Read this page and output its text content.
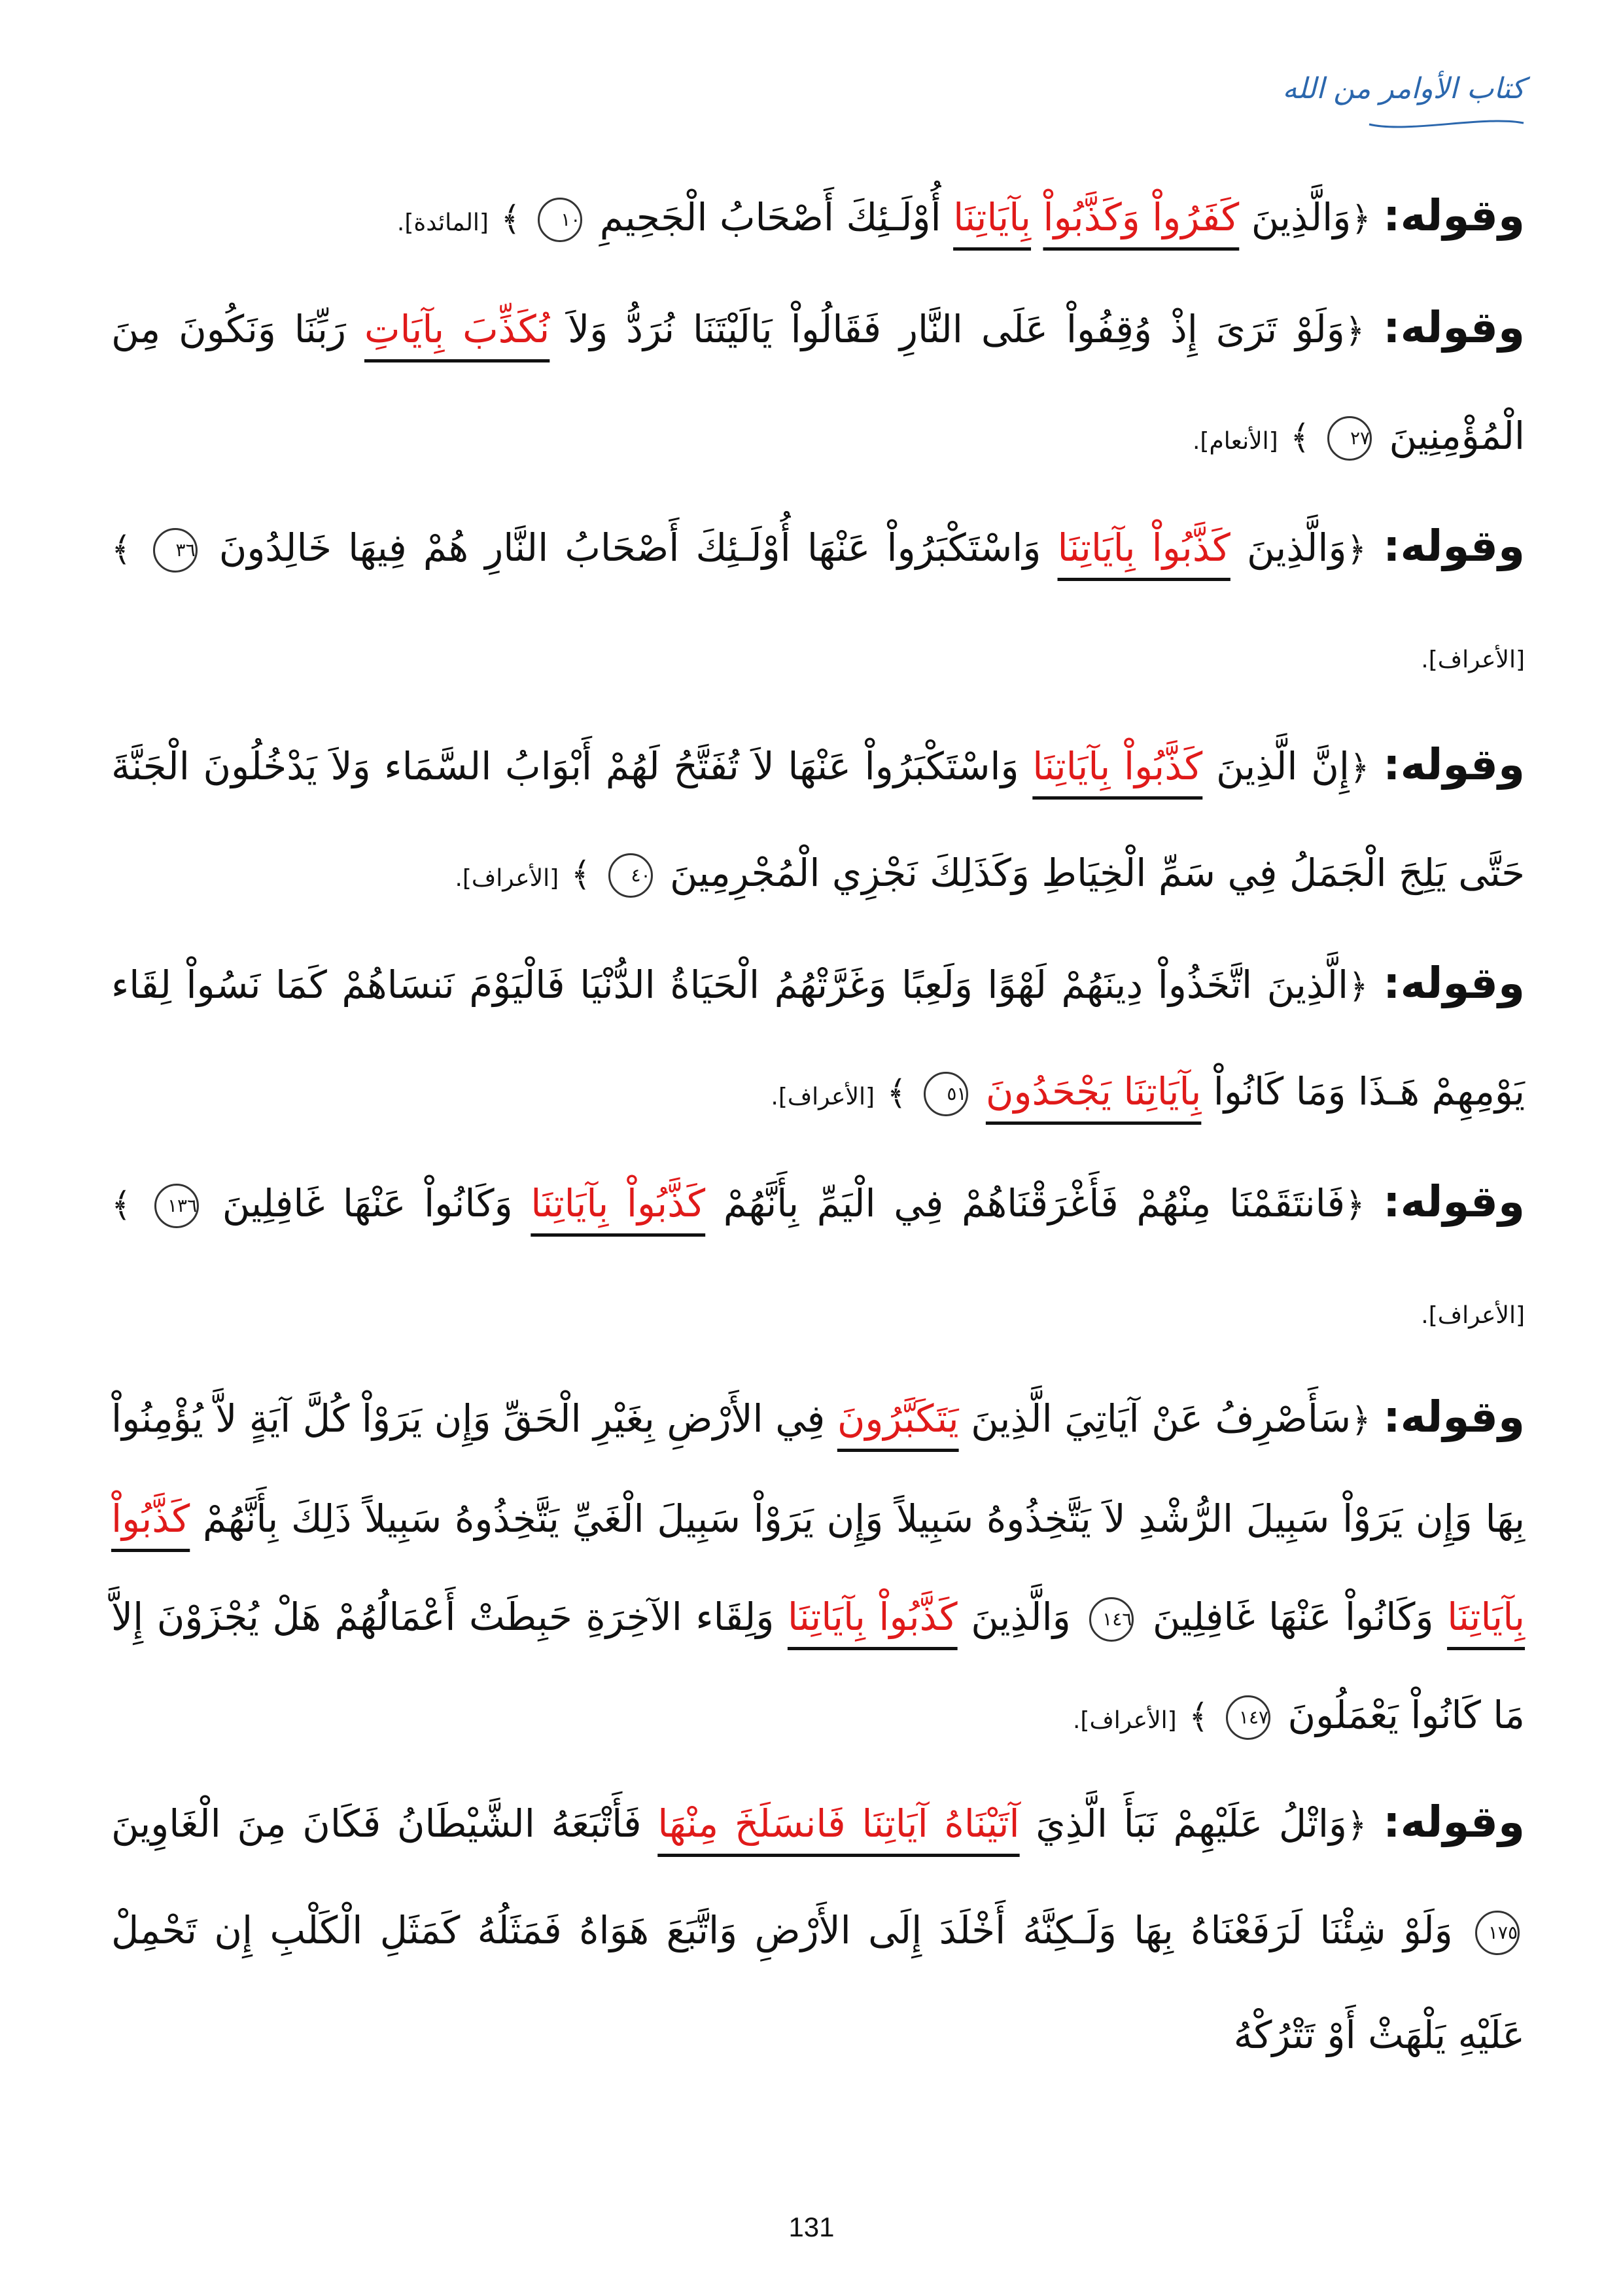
كتاب الأوامر من الله

وقوله: ﴿وَالَّذِينَ كَفَرُواْ وَكَذَّبُواْ بِآيَاتِنَا أُوْلَـئِكَ أَصْحَابُ الْجَحِيمِ ١٠ ﴾ [المائدة].

وقوله: ﴿وَلَوْ تَرَىَ إِذْ وُقِفُواْ عَلَى النَّارِ فَقَالُواْ يَالَيْتَنَا نُرَدُّ وَلاَ نُكَذِّبَ بِآيَاتِ رَبِّنَا وَنَكُونَ مِنَ الْمُؤْمِنِينَ ٢٧ ﴾ [الأنعام].

وقوله: ﴿وَالَّذِينَ كَذَّبُواْ بِآيَاتِنَا وَاسْتَكْبَرُواْ عَنْهَا أُوْلَـئِكَ أَصْحَابُ النَّارِ هُمْ فِيهَا خَالِدُونَ ٣٦ ﴾ [الأعراف].

وقوله: ﴿إِنَّ الَّذِينَ كَذَّبُواْ بِآيَاتِنَا وَاسْتَكْبَرُواْ عَنْهَا لاَ تُفَتَّحُ لَهُمْ أَبْوَابُ السَّمَاء وَلاَ يَدْخُلُونَ الْجَنَّةَ حَتَّى يَلِجَ الْجَمَلُ فِي سَمِّ الْخِيَاطِ وَكَذَلِكَ نَجْزِي الْمُجْرِمِينَ ٤٠ ﴾ [الأعراف].

وقوله: ﴿الَّذِينَ اتَّخَذُواْ دِينَهُمْ لَهْوًا وَلَعِبًا وَغَرَّتْهُمُ الْحَيَاةُ الدُّنْيَا فَالْيَوْمَ نَنسَاهُمْ كَمَا نَسُواْ لِقَاء يَوْمِهِمْ هَـذَا وَمَا كَانُواْ بِآيَاتِنَا يَجْحَدُونَ ٥١ ﴾ [الأعراف].

وقوله: ﴿فَانتَقَمْنَا مِنْهُمْ فَأَغْرَقْنَاهُمْ فِي الْيَمِّ بِأَنَّهُمْ كَذَّبُواْ بِآيَاتِنَا وَكَانُواْ عَنْهَا غَافِلِينَ ١٣٦ ﴾ [الأعراف].

وقوله: ﴿سَأَصْرِفُ عَنْ آيَاتِيَ الَّذِينَ يَتَكَبَّرُونَ فِي الأَرْضِ بِغَيْرِ الْحَقِّ وَإِن يَرَوْاْ كُلَّ آيَةٍ لاَّ يُؤْمِنُواْ بِهَا وَإِن يَرَوْاْ سَبِيلَ الرُّشْدِ لاَ يَتَّخِذُوهُ سَبِيلاً وَإِن يَرَوْاْ سَبِيلَ الْغَيِّ يَتَّخِذُوهُ سَبِيلاً ذَلِكَ بِأَنَّهُمْ كَذَّبُواْ بِآيَاتِنَا وَكَانُواْ عَنْهَا غَافِلِينَ ١٤٦ وَالَّذِينَ كَذَّبُواْ بِآيَاتِنَا وَلِقَاء الآخِرَةِ حَبِطَتْ أَعْمَالُهُمْ هَلْ يُجْزَوْنَ إِلاَّ مَا كَانُواْ يَعْمَلُونَ ١٤٧ ﴾ [الأعراف].

وقوله: ﴿وَاتْلُ عَلَيْهِمْ نَبَأَ الَّذِيَ آتَيْنَاهُ آيَاتِنَا فَانسَلَخَ مِنْهَا فَأَتْبَعَهُ الشَّيْطَانُ فَكَانَ مِنَ الْغَاوِينَ ١٧٥ وَلَوْ شِئْنَا لَرَفَعْنَاهُ بِهَا وَلَـكِنَّهُ أَخْلَدَ إِلَى الأَرْضِ وَاتَّبَعَ هَوَاهُ فَمَثَلُهُ كَمَثَلِ الْكَلْبِ إِن تَحْمِلْ عَلَيْهِ يَلْهَثْ أَوْ تَتْرُكْهُ

131
